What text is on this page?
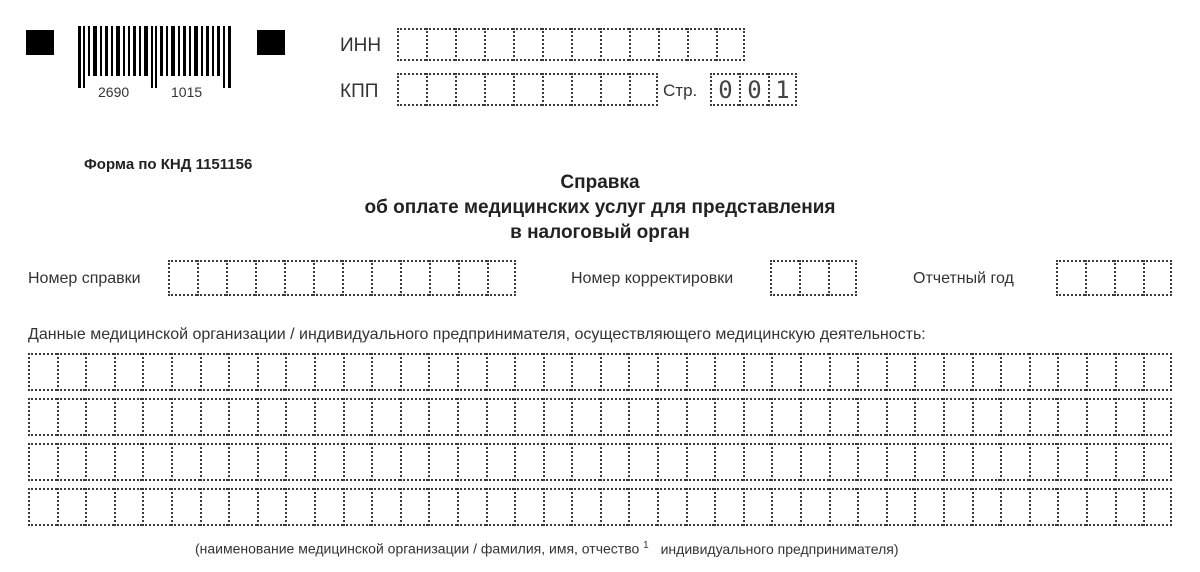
2690	1015
ИНН
КПП	Стр. 0 0 1
Форма по КНД 1151156
Справка
об оплате медицинских услуг для представления
в налоговый орган
Номер справки	Номер корректировки	Отчетный год
Данные медицинской организации / индивидуального предпринимателя, осуществляющего медицинскую деятельность:
(наименование медицинской организации / фамилия, имя, отчество $^1$ индивидуального предпринимателя)
